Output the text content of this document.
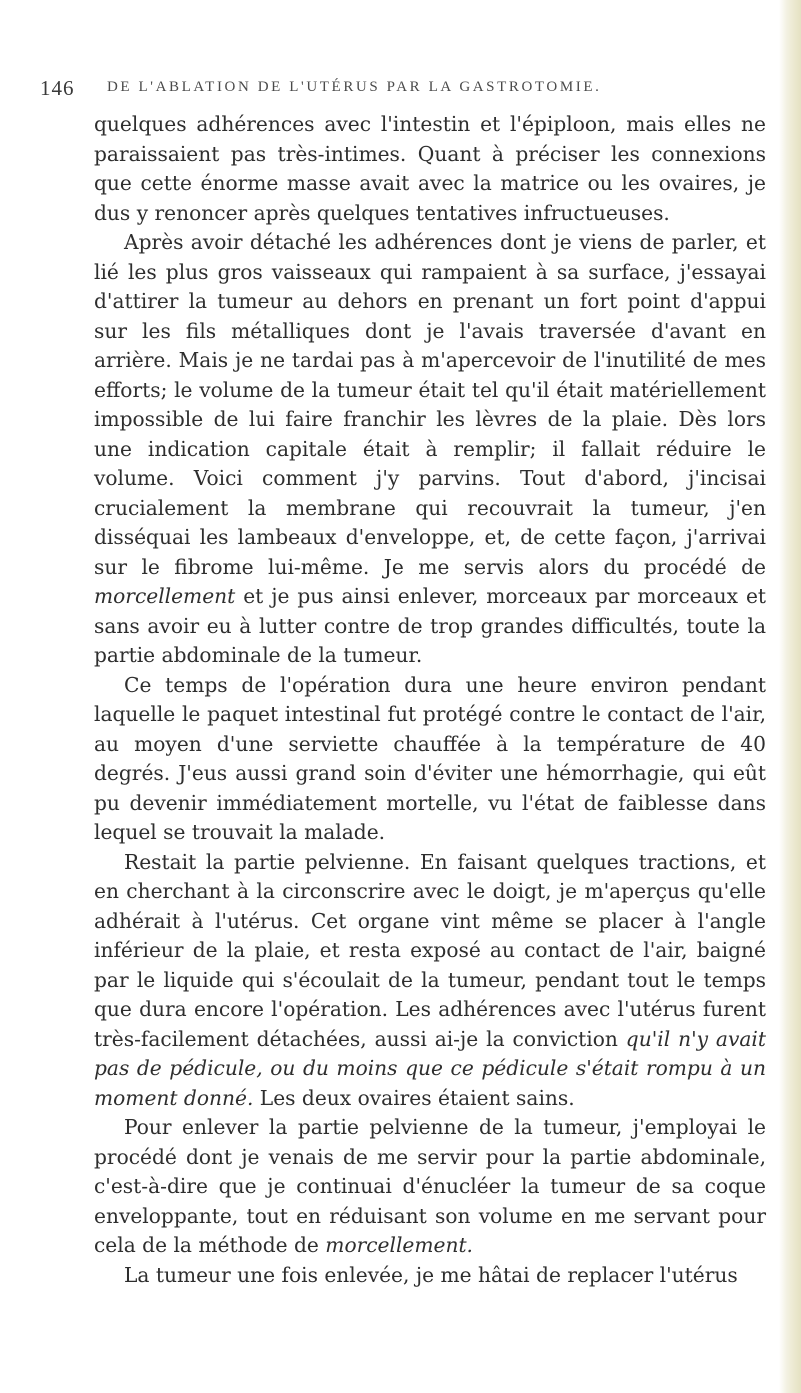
146 DE L'ABLATION DE L'UTÉRUS PAR LA GASTROTOMIE.

quelques adhérences avec l'intestin et l'épiploon, mais elles ne paraissaient pas très-intimes. Quant à préciser les connexions que cette énorme masse avait avec la matrice ou les ovaires, je dus y renoncer après quelques tentatives infructueuses.

Après avoir détaché les adhérences dont je viens de parler, et lié les plus gros vaisseaux qui rampaient à sa surface, j'essayai d'attirer la tumeur au dehors en prenant un fort point d'appui sur les fils métalliques dont je l'avais traversée d'avant en arrière. Mais je ne tardai pas à m'apercevoir de l'inutilité de mes efforts; le volume de la tumeur était tel qu'il était matériellement impossible de lui faire franchir les lèvres de la plaie. Dès lors une indication capitale était à remplir; il fallait réduire le volume. Voici comment j'y parvins. Tout d'abord, j'incisai crucialement la membrane qui recouvrait la tumeur, j'en disséquai les lambeaux d'enveloppe, et, de cette façon, j'arrivai sur le fibrome lui-même. Je me servis alors du procédé de morcellement et je pus ainsi enlever, morceaux par morceaux et sans avoir eu à lutter contre de trop grandes difficultés, toute la partie abdominale de la tumeur.

Ce temps de l'opération dura une heure environ pendant laquelle le paquet intestinal fut protégé contre le contact de l'air, au moyen d'une serviette chauffée à la température de 40 degrés. J'eus aussi grand soin d'éviter une hémorrhagie, qui eût pu devenir immédiatement mortelle, vu l'état de faiblesse dans lequel se trouvait la malade.

Restait la partie pelvienne. En faisant quelques tractions, et en cherchant à la circonscrire avec le doigt, je m'aperçus qu'elle adhérait à l'utérus. Cet organe vint même se placer à l'angle inférieur de la plaie, et resta exposé au contact de l'air, baigné par le liquide qui s'écoulait de la tumeur, pendant tout le temps que dura encore l'opération. Les adhérences avec l'utérus furent très-facilement détachées, aussi ai-je la conviction qu'il n'y avait pas de pédicule, ou du moins que ce pédicule s'était rompu à un moment donné. Les deux ovaires étaient sains.

Pour enlever la partie pelvienne de la tumeur, j'employai le procédé dont je venais de me servir pour la partie abdominale, c'est-à-dire que je continuai d'énucléer la tumeur de sa coque enveloppante, tout en réduisant son volume en me servant pour cela de la méthode de morcellement.

La tumeur une fois enlevée, je me hâtai de replacer l'utérus
